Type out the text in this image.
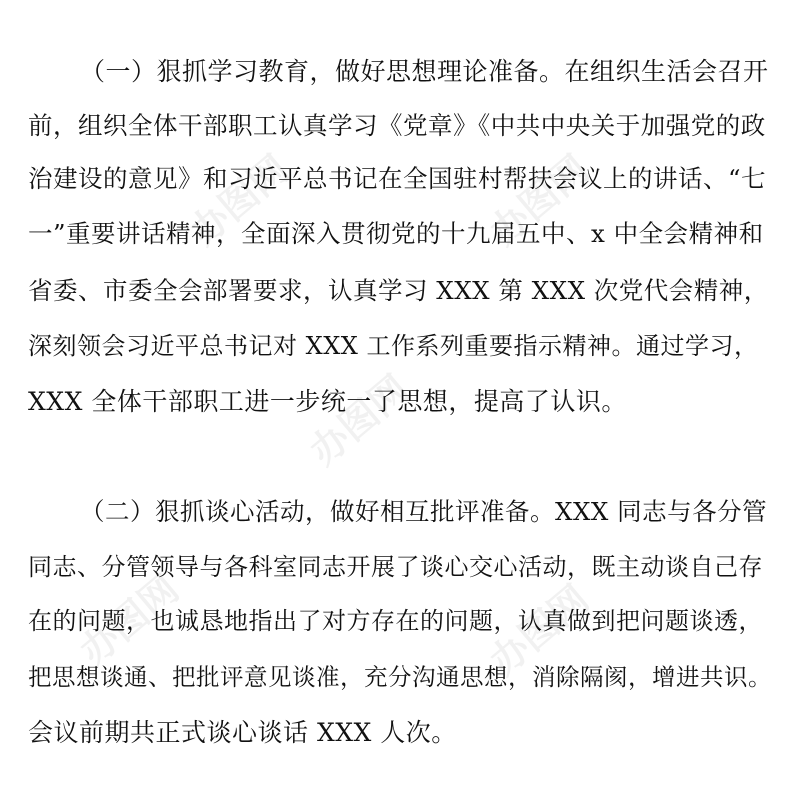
办图网	办图网
办图网
办图网	办图网
（一）狠抓学习教育，做好思想理论准备。在组织生活会召开
前，组织全体干部职工认真学习《党章》《中共中央关于加强党的政
治建设的意见》和习近平总书记在全国驻村帮扶会议上的讲话、“七
一”重要讲话精神，全面深入贯彻党的十九届五中、x 中全会精神和
省委、市委全会部署要求，认真学习 XXX 第 XXX 次党代会精神，
深刻领会习近平总书记对 XXX 工作系列重要指示精神。通过学习，
XXX 全体干部职工进一步统一了思想，提高了认识。
（二）狠抓谈心活动，做好相互批评准备。XXX 同志与各分管
同志、分管领导与各科室同志开展了谈心交心活动，既主动谈自己存
在的问题，也诚恳地指出了对方存在的问题，认真做到把问题谈透，
把思想谈通、把批评意见谈准，充分沟通思想，消除隔阂，增进共识。
会议前期共正式谈心谈话 XXX 人次。
